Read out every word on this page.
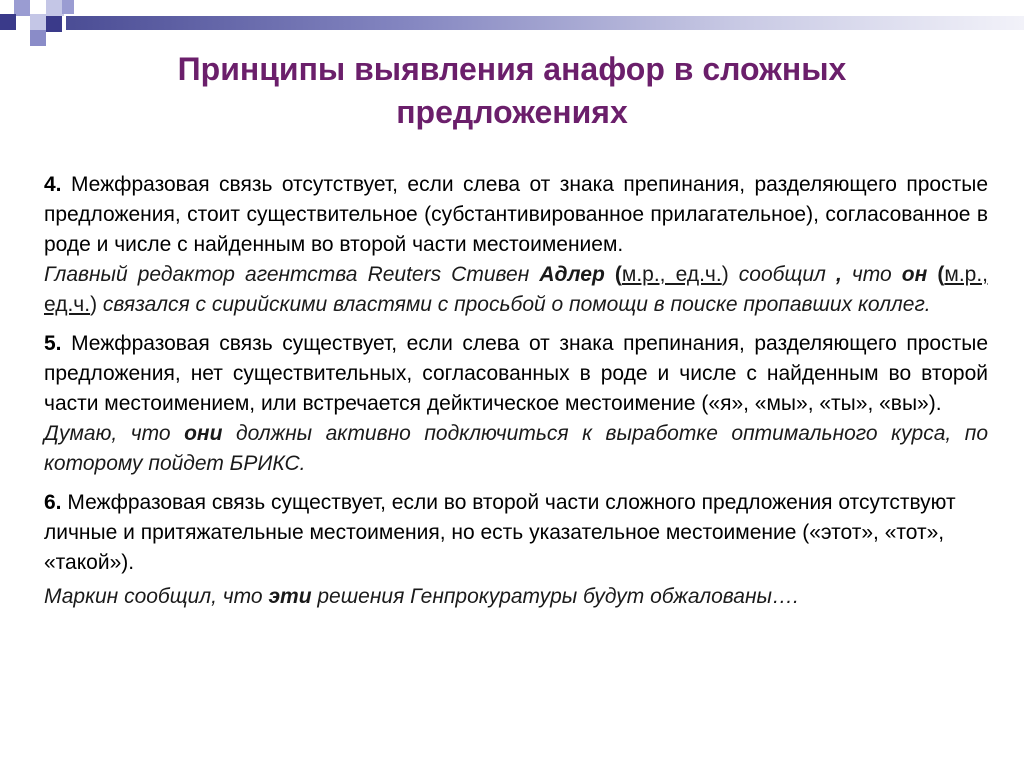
Принципы выявления анафор в сложных
предложениях
4. Межфразовая связь отсутствует, если слева от знака препинания, разделяющего простые предложения, стоит существительное (субстантивированное прилагательное), согласованное в роде и числе с найденным во второй части местоимением.
Главный редактор агентства Reuters Стивен Адлер (м.р., ед.ч.) сообщил , что он (м.р., ед.ч.) связался с сирийскими властями с просьбой о помощи в поиске пропавших коллег.
5. Межфразовая связь существует, если слева от знака препинания, разделяющего простые предложения, нет существительных, согласованных в роде и числе с найденным во второй части местоимением, или встречается дейктическое местоимение («я», «мы», «ты», «вы»).
Думаю, что они должны активно подключиться к выработке оптимального курса, по которому пойдет БРИКС.
6. Межфразовая связь существует, если во второй части сложного предложения отсутствуют личные и притяжательные местоимения, но есть указательное местоимение («этот», «тот», «такой»).
Маркин сообщил, что эти решения Генпрокуратуры будут обжалованы….
